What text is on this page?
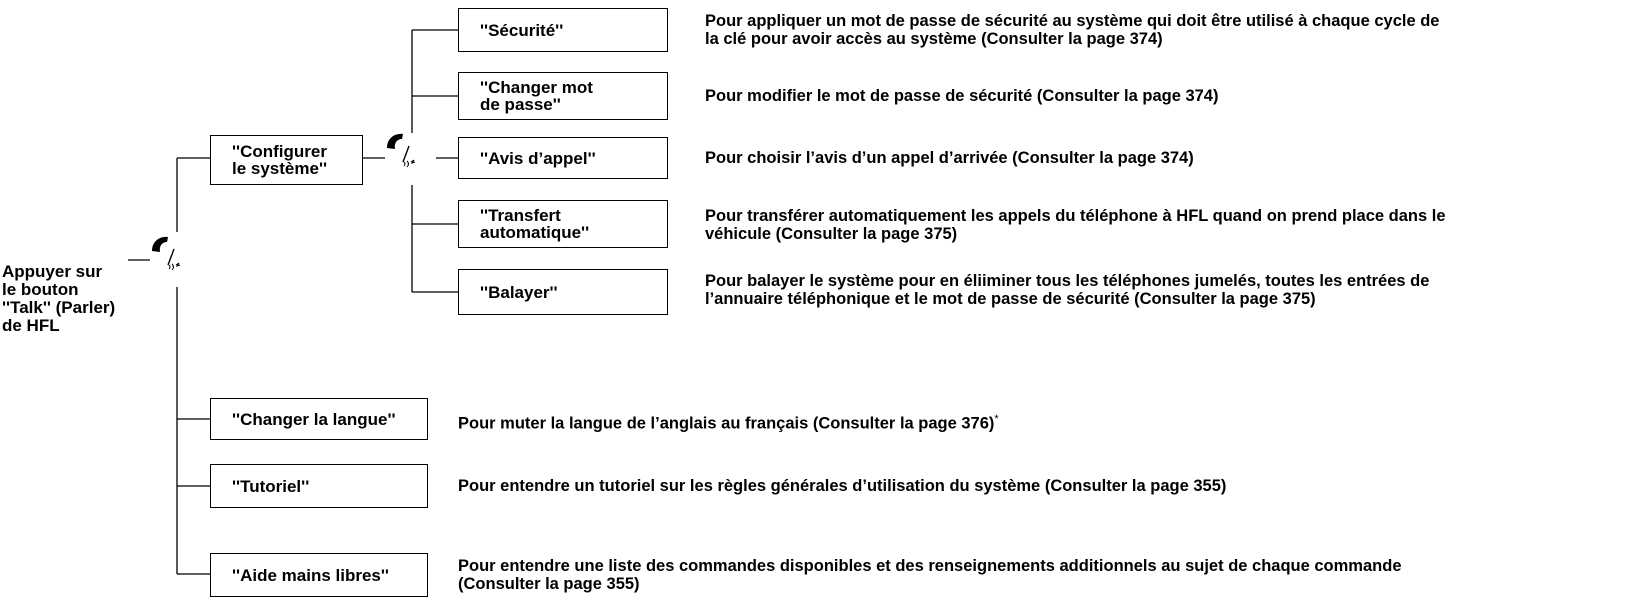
Appuyer sur
le bouton
''Talk'' (Parler)
de HFL
''Configurer
le système''
''Changer la langue''
''Tutoriel''
''Aide mains libres''
Pour muter la langue de l’anglais au français (Consulter la page 376)*
Pour entendre un tutoriel sur les règles générales d’utilisation du système (Consulter la page 355)
Pour entendre une liste des commandes disponibles et des renseignements additionnels au sujet de chaque commande
(Consulter la page 355)
''Sécurité''
''Changer mot
de passe''
''Avis d’appel''
''Transfert
automatique''
''Balayer''
Pour appliquer un mot de passe de sécurité au système qui doit être utilisé à chaque cycle de
la clé pour avoir accès au système (Consulter la page 374)
Pour modifier le mot de passe de sécurité (Consulter la page 374)
Pour choisir l’avis d’un appel d’arrivée (Consulter la page 374)
Pour transférer automatiquement les appels du téléphone à HFL quand on prend place dans le
véhicule (Consulter la page 375)
Pour balayer le système pour en éliiminer tous les téléphones jumelés, toutes les entrées de
l’annuaire téléphonique et le mot de passe de sécurité (Consulter la page 375)
